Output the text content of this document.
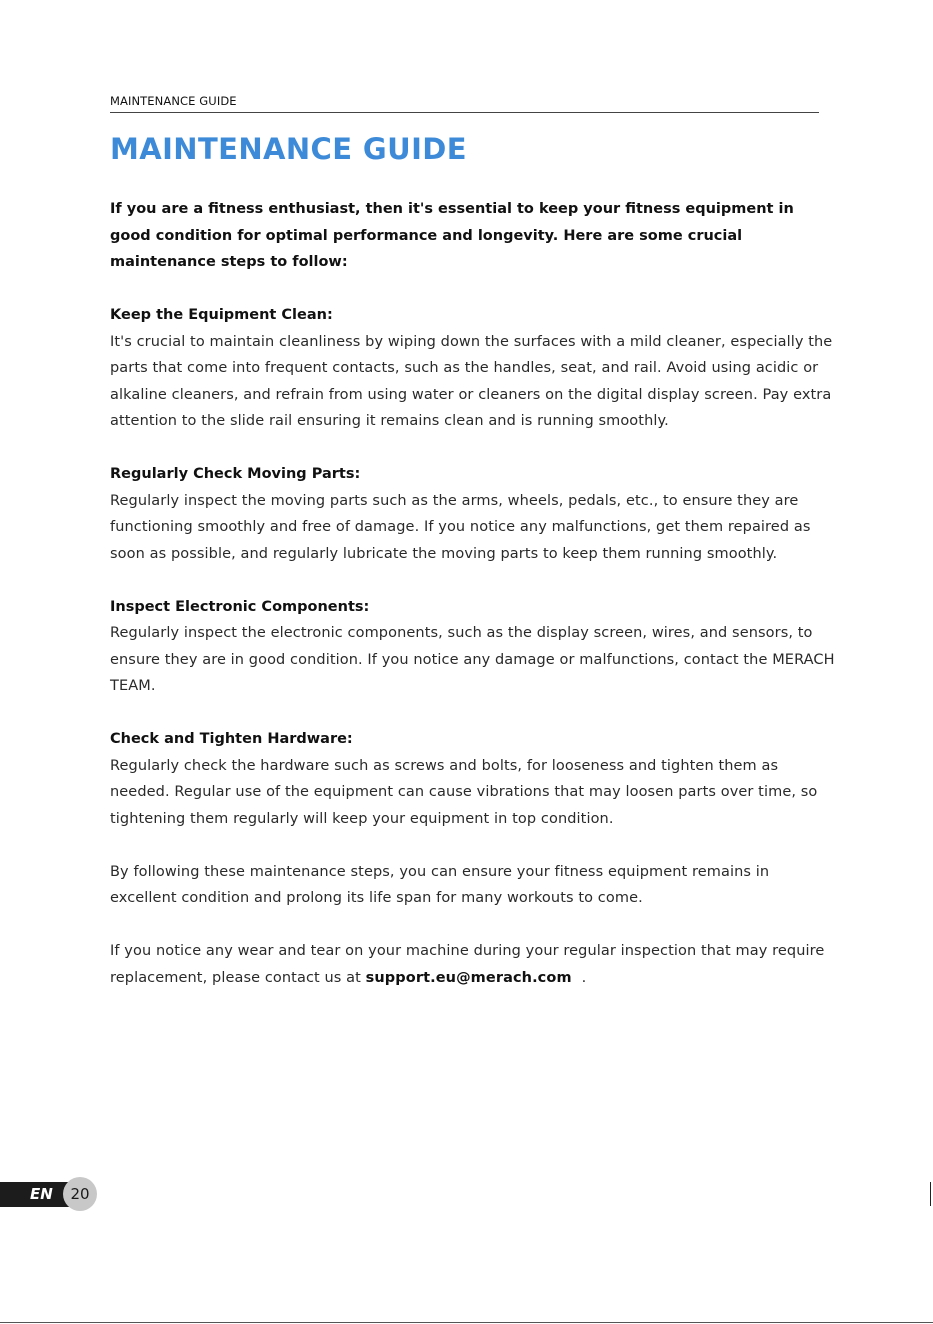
MAINTENANCE GUIDE
MAINTENANCE GUIDE

If you are a fitness enthusiast, then it's essential to keep your fitness equipment in good condition for optimal performance and longevity. Here are some crucial maintenance steps to follow:

Keep the Equipment Clean:
It's crucial to maintain cleanliness by wiping down the surfaces with a mild cleaner, especially the parts that come into frequent contacts, such as the handles, seat, and rail. Avoid using acidic or alkaline cleaners, and refrain from using water or cleaners on the digital display screen. Pay extra attention to the slide rail ensuring it remains clean and is running smoothly.

Regularly Check Moving Parts:
Regularly inspect the moving parts such as the arms, wheels, pedals, etc., to ensure they are functioning smoothly and free of damage. If you notice any malfunctions, get them repaired as soon as possible, and regularly lubricate the moving parts to keep them running smoothly.

Inspect Electronic Components:
Regularly inspect the electronic components, such as the display screen, wires, and sensors, to ensure they are in good condition. If you notice any damage or malfunctions, contact the MERACH TEAM.

Check and Tighten Hardware:
Regularly check the hardware such as screws and bolts, for looseness and tighten them as needed. Regular use of the equipment can cause vibrations that may loosen parts over time, so tightening them regularly will keep your equipment in top condition.

By following these maintenance steps, you can ensure your fitness equipment remains in excellent condition and prolong its life span for many workouts to come.

If you notice any wear and tear on your machine during your regular inspection that may require replacement, please contact us at support.eu@merach.com .

EN	20
